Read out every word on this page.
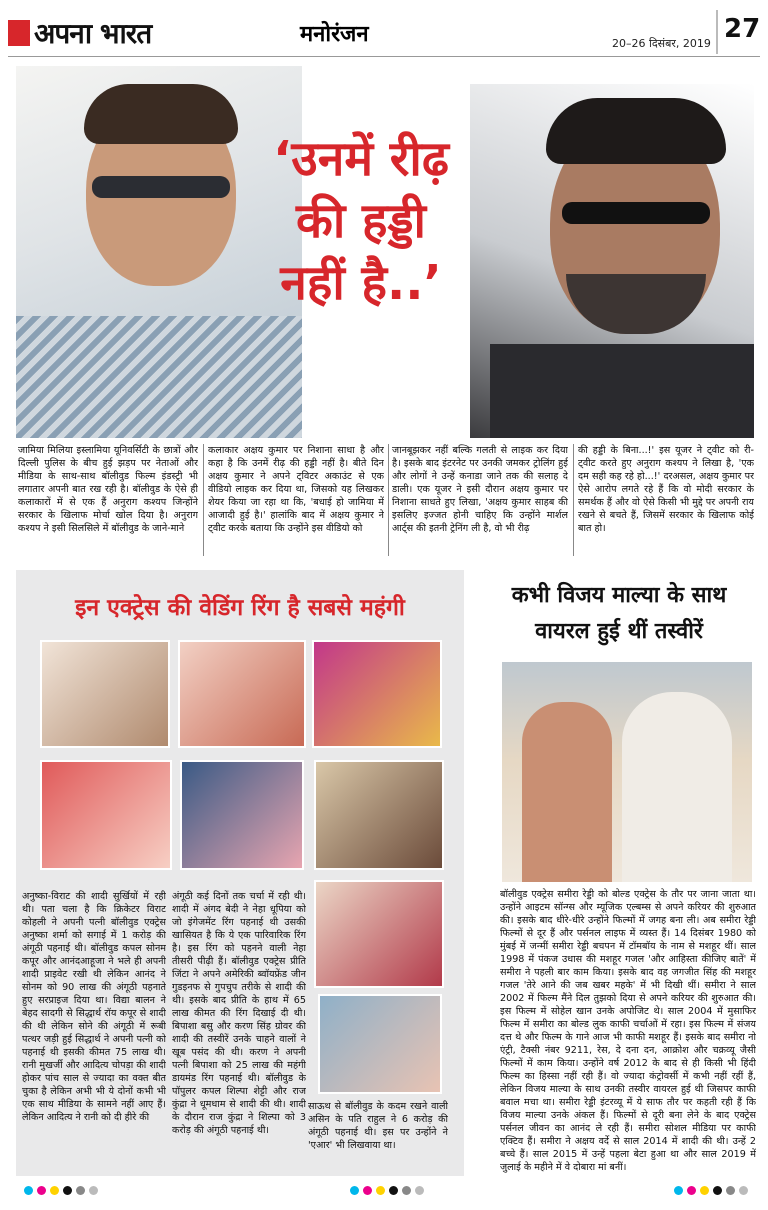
अपना भारत	मनोरंजन	20–26 दिसंबर, 2019 27
‘उनमें रीढ़
की हड्डी
नहीं है..’
जामिया मिलिया इस्लामिया यूनिवर्सिटी के छात्रों और दिल्ली पुलिस के बीच हुई झड़प पर नेताओं और मीडिया के साथ-साथ बॉलीवुड फिल्म इंडस्ट्री भी लगातार अपनी बात रख रही है। बॉलीवुड के ऐसे ही कलाकारों में से एक हैं अनुराग कश्यप जिन्होंने सरकार के खिलाफ मोर्चा खोल दिया है। अनुराग कश्यप ने इसी सिलसिले में बॉलीवुड के जाने-माने
कलाकार अक्षय कुमार पर निशाना साधा है और कहा है कि उनमें रीढ़ की हड्डी नहीं है। बीते दिन अक्षय कुमार ने अपने ट्विटर अकाउंट से एक वीडियो लाइक कर दिया था, जिसको यह लिखकर शेयर किया जा रहा था कि, 'बधाई हो जामिया में आजादी हुई है।' हालांकि बाद में अक्षय कुमार ने ट्वीट करके बताया कि उन्होंने इस वीडियो को
जानबूझकर नहीं बल्कि गलती से लाइक कर दिया है। इसके बाद इंटरनेट पर उनकी जमकर ट्रोलिंग हुई और लोगों ने उन्हें कनाडा जाने तक की सलाह दे डाली। एक यूजर ने इसी दौरान अक्षय कुमार पर निशाना साधते हुए लिखा, 'अक्षय कुमार साहब की इसलिए इज्जत होनी चाहिए कि उन्होंने मार्शल आर्ट्स की इतनी ट्रेनिंग ली है, वो भी रीढ़
की हड्डी के बिना...!' इस यूजर ने ट्वीट को री-ट्वीट करते हुए अनुराग कश्यप ने लिखा है, 'एक दम सही कह रहे हो...!' दरअसल, अक्षय कुमार पर ऐसे आरोप लगते रहे हैं कि वो मोदी सरकार के समर्थक हैं और वो ऐसे किसी भी मुद्दे पर अपनी राय रखने से बचते हैं, जिसमें सरकार के खिलाफ कोई बात हो।
इन एक्ट्रेस की वेडिंग रिंग है सबसे महंगी
अनुष्का-विराट की शादी सुर्खियों में रही थी। पता चला है कि क्रिकेटर विराट कोहली ने अपनी पत्नी बॉलीवुड एक्ट्रेस अनुष्का शर्मा को सगाई में 1 करोड़ की अंगूठी पहनाई थी। बॉलीवुड कपल सोनम कपूर और आनंदआहूजा ने भले ही अपनी शादी प्राइवेट रखी थी लेकिन आनंद ने सोनम को 90 लाख की अंगूठी पहनाते हुए सरप्राइज दिया था। विद्या बालन ने बेहद सादगी से सिद्धार्थ रॉय कपूर से शादी की थी लेकिन सोने की अंगूठी में रूबी पत्थर जड़ी हुई सिद्धार्थ ने अपनी पत्नी को पहनाई थी इसकी कीमत 75 लाख थी। रानी मुखर्जी और आदित्य चोपड़ा की शादी होकर पांच साल से ज्यादा का वक्त बीत चुका है लेकिन अभी भी ये दोनों कभी भी एक साथ मीडिया के सामने नहीं आए हैं। लेकिन आदित्य ने रानी को दी हीरे की
अंगूठी कई दिनों तक चर्चा में रही थी। शादी में अंगद बेदी ने नेहा धूपिया को जो इंगेजमेंट रिंग पहनाई थी उसकी खासियत है कि ये एक पारिवारिक रिंग है। इस रिंग को पहनने वाली नेहा तीसरी पीढ़ी हैं। बॉलीवुड एक्ट्रेस प्रीति जिंटा ने अपने अमेरिकी ब्वॉयफ्रेंड जीन गुडइनफ से गुपचुप तरीके से शादी की थी। इसके बाद प्रीति के हाथ में 65 लाख कीमत की रिंग दिखाई दी थी। बिपाशा बसु और करण सिंह ग्रोवर की शादी की तस्वीरें उनके चाहने वालों ने खूब पसंद की थी। करण ने अपनी पत्नी बिपाशा को 25 लाख की महंगी डायमंड रिंग पहनाई थी। बॉलीवुड के पॉपुलर कपल शिल्पा शेट्टी और राज कुंद्रा ने धूमधाम से शादी की थी। शादी के दौरान राज कुंद्रा ने शिल्पा को 3 करोड़ की अंगूठी पहनाई थी।
साऊथ से बॉलीवुड के कदम रखने वाली असिन के पति राहुल ने 6 करोड़ की अंगूठी पहनाई थी। इस पर उन्होंने ने 'एआर' भी लिखवाया था।
कभी विजय माल्या के साथ
वायरल हुई थीं तस्वीरें
बॉलीवुड एक्ट्रेस समीरा रेड्डी को बोल्ड एक्ट्रेस के तौर पर जाना जाता था। उन्होंने आइटम सॉन्ग्स और म्यूजिक एल्बम्स से अपने करियर की शुरुआत की। इसके बाद धीरे-धीरे उन्होंने फिल्मों में जगह बना ली। अब समीरा रेड्डी फिल्मों से दूर हैं और पर्सनल लाइफ में व्यस्त हैं। 14 दिसंबर 1980 को मुंबई में जन्मीं समीरा रेड्डी बचपन में टॉमबॉय के नाम से मशहूर थीं। साल 1998 में पंकज उधास की मशहूर गजल 'और आहिस्ता कीजिए बातें' में समीरा ने पहली बार काम किया। इसके बाद वह जगजीत सिंह की मशहूर गजल 'तेरे आने की जब खबर महके' में भी दिखी थीं। समीरा ने साल 2002 में फिल्म मैंने दिल तुझको दिया से अपने करियर की शुरुआत की। इस फिल्म में सोहेल खान उनके अपोजिट थे। साल 2004 में मुसाफिर फिल्म में समीरा का बोल्ड लुक काफी चर्चाओं में रहा। इस फिल्म में संजय दत्त थे और फिल्म के गाने आज भी काफी मशहूर हैं। इसके बाद समीरा नो एंट्री, टैक्सी नंबर 9211, रेस, दे दना दन, आक्रोश और चक्रव्यू जैसी फिल्मों में काम किया। उन्होंने वर्ष 2012 के बाद से ही किसी भी हिंदी फिल्म का हिस्सा नहीं रही हैं। वो ज्यादा कंट्रोवर्सी में कभी नहीं रहीं हैं, लेकिन विजय माल्या के साथ उनकी तस्वीर वायरल हुई थी जिसपर काफी बवाल मचा था। समीरा रेड्डी इंटरव्यू में ये साफ तौर पर कहती रही हैं कि विजय माल्या उनके अंकल हैं। फिल्मों से दूरी बना लेने के बाद एक्ट्रेस पर्सनल जीवन का आनंद ले रही हैं। समीरा सोशल मीडिया पर काफी एक्टिव हैं। समीरा ने अक्षय वर्दे से साल 2014 में शादी की थी। उन्हें 2 बच्चे हैं। साल 2015 में उन्हें पहला बेटा हुआ था और साल 2019 में जुलाई के महीने में वे दोबारा मां बनीं।
